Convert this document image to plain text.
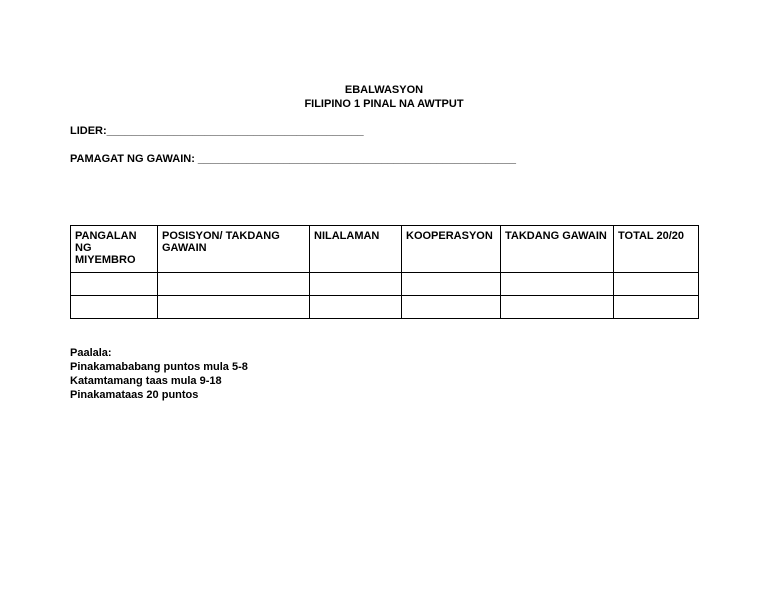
EBALWASYON
FILIPINO 1 PINAL NA AWTPUT
LIDER:__________________________________________
PAMAGAT NG GAWAIN: ____________________________________________________
PANGALAN NG MIYEMBRO	POSISYON/ TAKDANG GAWAIN	NILALAMAN	KOOPERASYON	TAKDANG GAWAIN	TOTAL 20/20

Paalala:
Pinakamababang puntos mula 5-8
Katamtamang taas mula 9-18
Pinakamataas 20 puntos
